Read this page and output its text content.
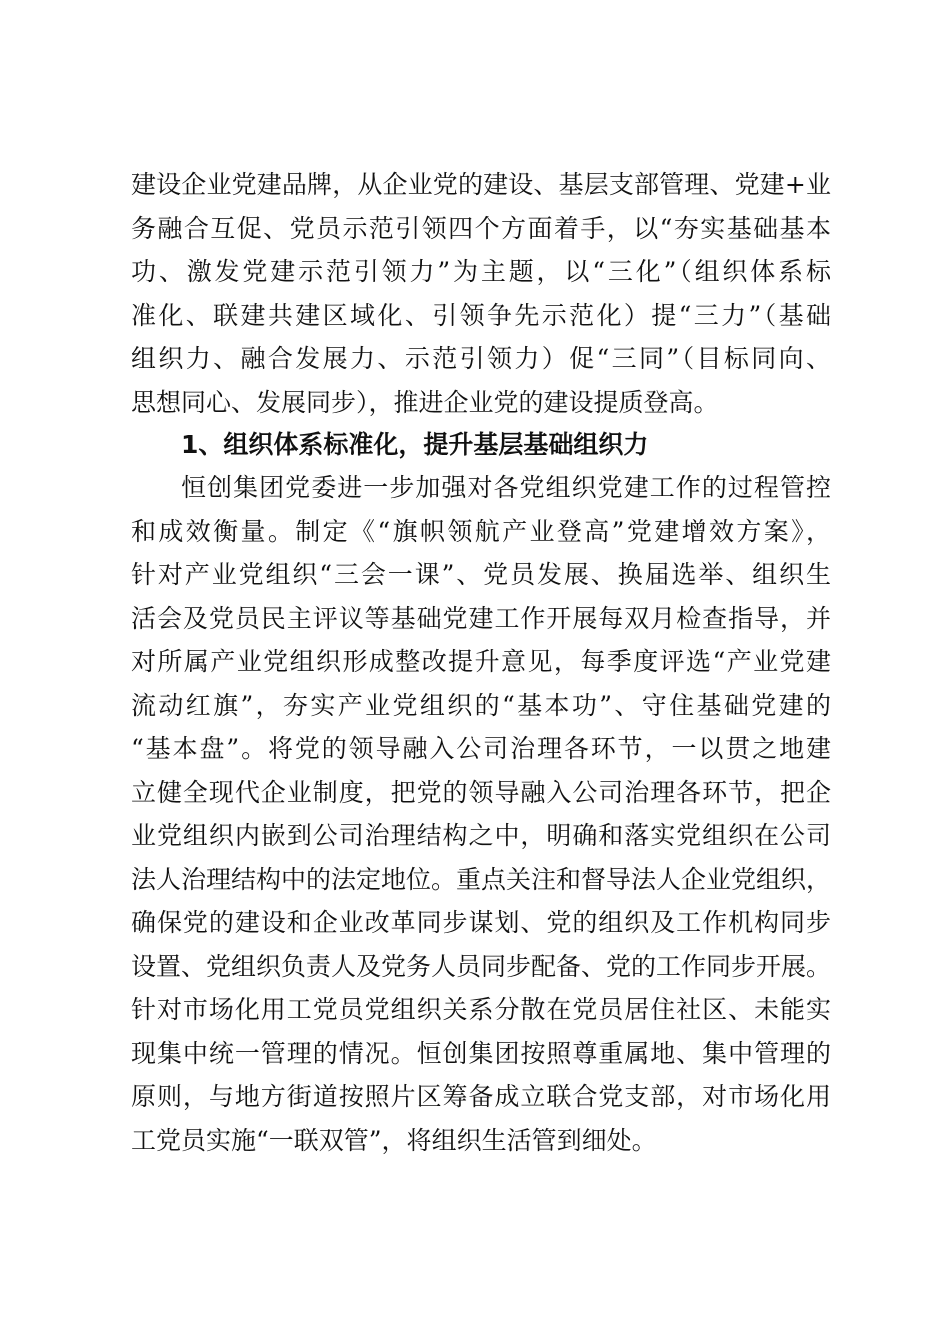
建设企业党建品牌，从企业党的建设、基层支部管理、党建+业
务融合互促、党员示范引领四个方面着手，以“夯实基础基本
功、激发党建示范引领力”为主题，以“三化”（组织体系标
准化、联建共建区域化、引领争先示范化）提“三力”（基础
组织力、融合发展力、示范引领力）促“三同”（目标同向、
思想同心、发展同步），推进企业党的建设提质登高。
1、组织体系标准化，提升基层基础组织力
恒创集团党委进一步加强对各党组织党建工作的过程管控
和成效衡量。制定《“旗帜领航产业登高”党建增效方案》，
针对产业党组织“三会一课”、党员发展、换届选举、组织生
活会及党员民主评议等基础党建工作开展每双月检查指导，并
对所属产业党组织形成整改提升意见，每季度评选“产业党建
流动红旗”，夯实产业党组织的“基本功”、守住基础党建的
“基本盘”。将党的领导融入公司治理各环节，一以贯之地建
立健全现代企业制度，把党的领导融入公司治理各环节，把企
业党组织内嵌到公司治理结构之中，明确和落实党组织在公司
法人治理结构中的法定地位。重点关注和督导法人企业党组织，
确保党的建设和企业改革同步谋划、党的组织及工作机构同步
设置、党组织负责人及党务人员同步配备、党的工作同步开展。
针对市场化用工党员党组织关系分散在党员居住社区、未能实
现集中统一管理的情况。恒创集团按照尊重属地、集中管理的
原则，与地方街道按照片区筹备成立联合党支部，对市场化用
工党员实施“一联双管”，将组织生活管到细处。
